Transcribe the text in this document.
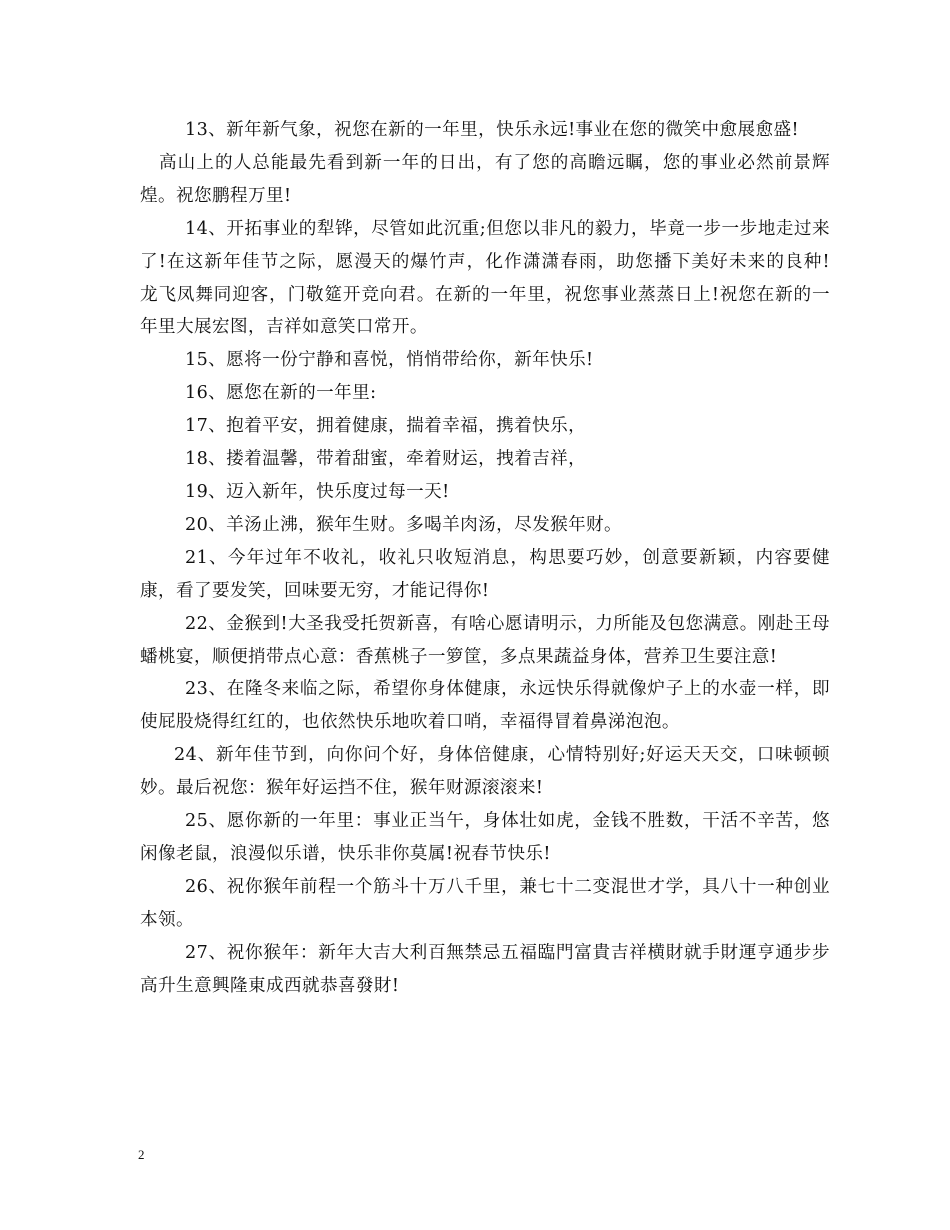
13、新年新气象，祝您在新的一年里，快乐永远!事业在您的微笑中愈展愈盛!

高山上的人总能最先看到新一年的日出，有了您的高瞻远瞩，您的事业必然前景辉煌。祝您鹏程万里!

14、开拓事业的犁铧，尽管如此沉重;但您以非凡的毅力，毕竟一步一步地走过来了!在这新年佳节之际，愿漫天的爆竹声，化作潇潇春雨，助您播下美好未来的良种!　龙飞凤舞同迎客，门敬筵开竞向君。在新的一年里，祝您事业蒸蒸日上!祝您在新的一年里大展宏图，吉祥如意笑口常开。

15、愿将一份宁静和喜悦，悄悄带给你，新年快乐!

16、愿您在新的一年里:

17、抱着平安，拥着健康，揣着幸福，携着快乐，

18、搂着温馨，带着甜蜜，牵着财运，拽着吉祥，

19、迈入新年，快乐度过每一天!

20、羊汤止沸，猴年生财。多喝羊肉汤，尽发猴年财。

21、今年过年不收礼，收礼只收短消息，构思要巧妙，创意要新颖，内容要健康，看了要发笑，回味要无穷，才能记得你!

22、金猴到!大圣我受托贺新喜，有啥心愿请明示，力所能及包您满意。刚赴王母蟠桃宴，顺便捎带点心意：香蕉桃子一箩筐，多点果蔬益身体，营养卫生要注意!

23、在隆冬来临之际，希望你身体健康，永远快乐得就像炉子上的水壶一样，即使屁股烧得红红的，也依然快乐地吹着口哨，幸福得冒着鼻涕泡泡。

24、新年佳节到，向你问个好，身体倍健康，心情特别好;好运天天交，口味顿顿妙。最后祝您：猴年好运挡不住，猴年财源滚滚来!

25、愿你新的一年里：事业正当午，身体壮如虎，金钱不胜数，干活不辛苦，悠闲像老鼠，浪漫似乐谱，快乐非你莫属!祝春节快乐!

26、祝你猴年前程一个筋斗十万八千里，兼七十二变混世才学，具八十一种创业本领。

27、祝你猴年：新年大吉大利百無禁忌五福臨門富貴吉祥横財就手財運亨通步步高升生意興隆東成西就恭喜發財!

2
